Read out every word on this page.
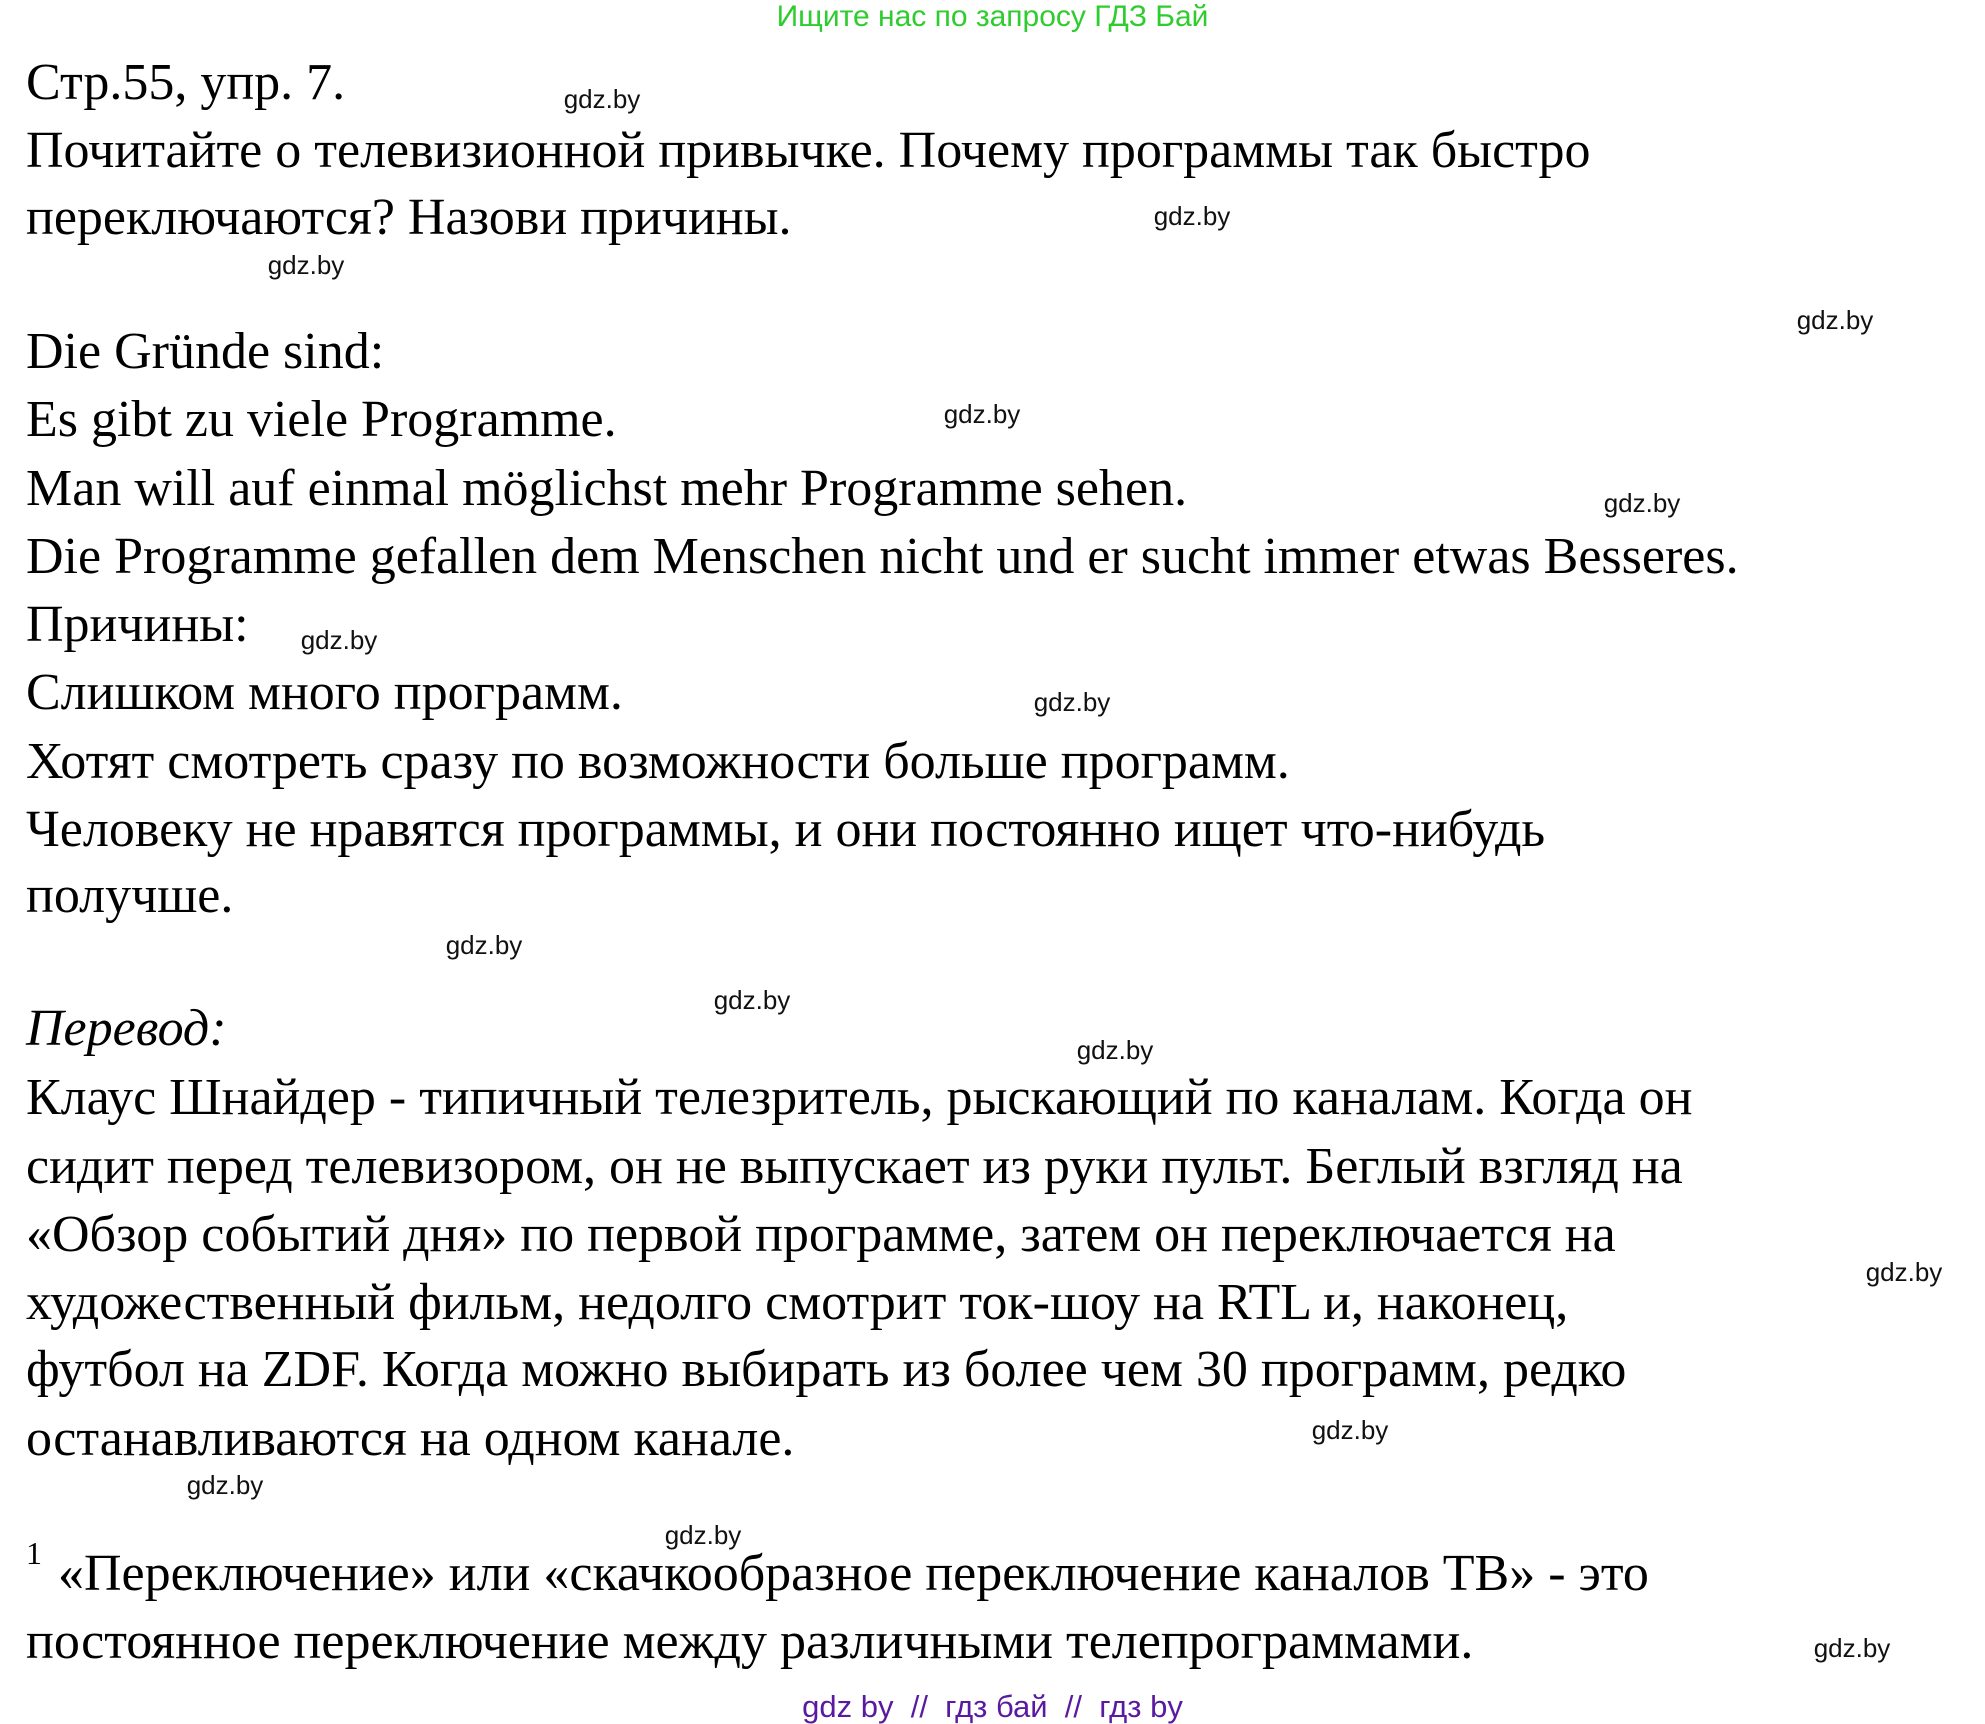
Ищите нас по запросу ГДЗ Бай
Стр.55, упр. 7.
Почитайте о телевизионной привычке. Почему программы так быстро
переключаются? Назови причины.
Die Gründe sind:
Es gibt zu viele Programme.
Man will auf einmal möglichst mehr Programme sehen.
Die Programme gefallen dem Menschen nicht und er sucht immer etwas Besseres.
Причины:
Слишком много программ.
Хотят смотреть сразу по возможности больше программ.
Человеку не нравятся программы, и они постоянно ищет что-нибудь
получше.
Перевод:
Клаус Шнайдер - типичный телезритель, рыскающий по каналам. Когда он
сидит перед телевизором, он не выпускает из руки пульт. Беглый взгляд на
«Обзор событий дня» по первой программе, затем он переключается на
художественный фильм, недолго смотрит ток-шоу на RTL и, наконец,
футбол на ZDF. Когда можно выбирать из более чем 30 программ, редко
останавливаются на одном канале.
1 «Переключение» или «скачкообразное переключение каналов ТВ» - это
постоянное переключение между различными телепрограммами.
gdz.by
gdz.by
gdz.by
gdz.by
gdz.by
gdz.by
gdz.by
gdz.by
gdz.by
gdz.by
gdz.by
gdz.by
gdz.by
gdz.by
gdz.by
gdz.by
gdz by  //  гдз бай  //  гдз by
